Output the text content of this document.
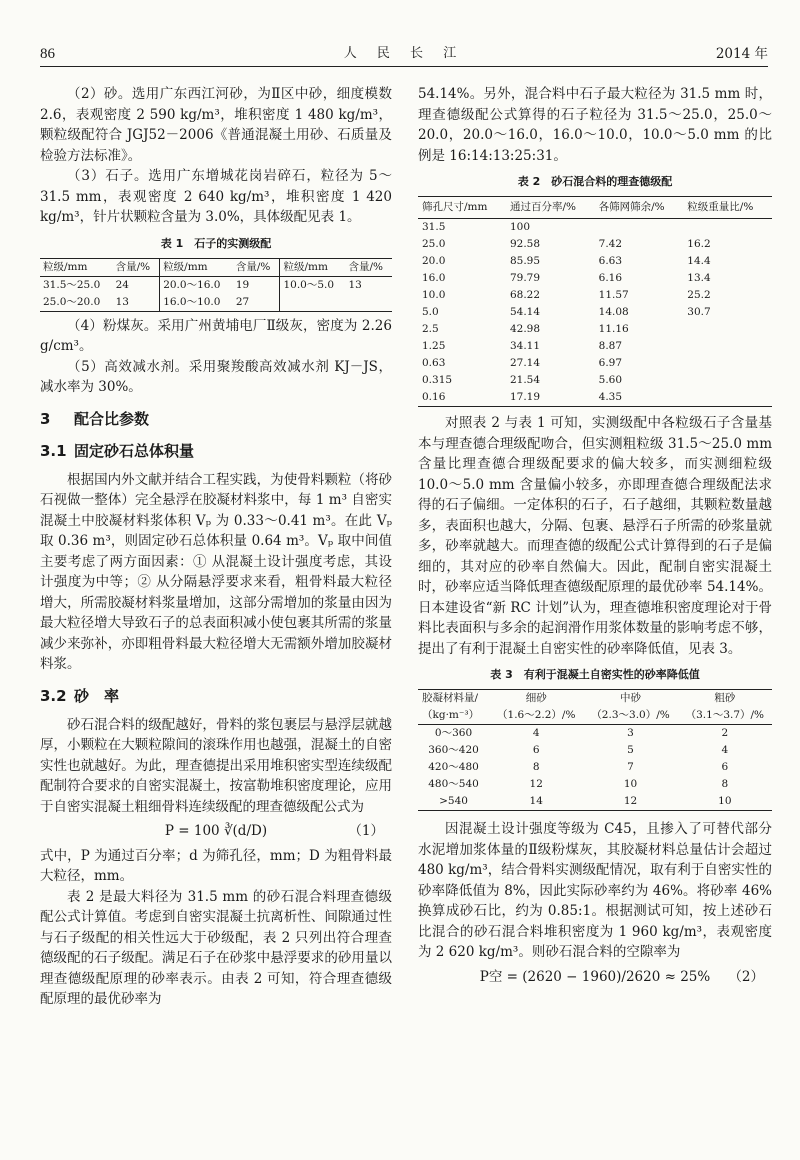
86	人 民 长 江	2014 年

（2）砂。选用广东西江河砂，为Ⅱ区中砂，细度模数 2.6，表观密度 2 590 kg/m³，堆积密度 1 480 kg/m³，颗粒级配符合 JGJ52－2006《普通混凝土用砂、石质量及检验方法标准》。

（3）石子。选用广东增城花岗岩碎石，粒径为 5～31.5 mm，表观密度 2 640 kg/m³，堆积密度 1 420 kg/m³，针片状颗粒含量为 3.0%，具体级配见表 1。

表 1　石子的实测级配
粒级/mm	含量/%	粒级/mm	含量/%	粒级/mm	含量/%
31.5～25.0	24	20.0～16.0	19	10.0～5.0	13
25.0～20.0	13	16.0～10.0	27		

（4）粉煤灰。采用广州黄埔电厂Ⅱ级灰，密度为 2.26 g/cm³。

（5）高效减水剂。采用聚羧酸高效减水剂 KJ－JS，减水率为 30%。

3 配合比参数
3.1 固定砂石总体积量

根据国内外文献并结合工程实践，为使骨料颗粒（将砂石视做一整体）完全悬浮在胶凝材料浆中，每 1 m³ 自密实混凝土中胶凝材料浆体积 Vₚ 为 0.33～0.41 m³。在此 Vₚ 取 0.36 m³，则固定砂石总体积量 0.64 m³。Vₚ 取中间值主要考虑了两方面因素：① 从混凝土设计强度考虑，其设计强度为中等；② 从分隔悬浮要求来看，粗骨料最大粒径增大，所需胶凝材料浆量增加，这部分需增加的浆量由因为最大粒径增大导致石子的总表面积减小使包裹其所需的浆量减少来弥补，亦即粗骨料最大粒径增大无需额外增加胶凝材料浆。

3.2 砂　率

砂石混合料的级配越好，骨料的浆包裹层与悬浮层就越厚，小颗粒在大颗粒隙间的滚珠作用也越强，混凝土的自密实性也就越好。为此，理查德提出采用堆积密实型连续级配配制符合要求的自密实混凝土，按富勒堆积密度理论，应用于自密实混凝土粗细骨料连续级配的理查德级配公式为

P = 100 ∛(d/D)	（1）

式中，P 为通过百分率；d 为筛孔径，mm；D 为粗骨料最大粒径，mm。

表 2 是最大料径为 31.5 mm 的砂石混合料理查德级配公式计算值。考虑到自密实混凝土抗离析性、间隙通过性与石子级配的相关性远大于砂级配，表 2 只列出符合理查德级配的石子级配。满足石子在砂浆中悬浮要求的砂用量以理查德级配原理的砂率表示。由表 2 可知，符合理查德级配原理的最优砂率为

54.14%。另外，混合料中石子最大粒径为 31.5 mm 时，理查德级配公式算得的石子粒径为 31.5～25.0，25.0～20.0，20.0～16.0，16.0～10.0，10.0～5.0 mm 的比例是 16:14:13:25:31。

表 2　砂石混合料的理查德级配
筛孔尺寸/mm	通过百分率/%	各筛网筛余/%	粒级重量比/%
31.5	100		
25.0	92.58	7.42	16.2
20.0	85.95	6.63	14.4
16.0	79.79	6.16	13.4
10.0	68.22	11.57	25.2
5.0	54.14	14.08	30.7
2.5	42.98	11.16	
1.25	34.11	8.87	
0.63	27.14	6.97	
0.315	21.54	5.60	
0.16	17.19	4.35	

对照表 2 与表 1 可知，实测级配中各粒级石子含量基本与理查德合理级配吻合，但实测粗粒级 31.5～25.0 mm 含量比理查德合理级配要求的偏大较多，而实测细粒级 10.0～5.0 mm 含量偏小较多，亦即理查德合理级配法求得的石子偏细。一定体积的石子，石子越细，其颗粒数量越多，表面积也越大，分隔、包裹、悬浮石子所需的砂浆量就多，砂率就越大。而理查德的级配公式计算得到的石子是偏细的，其对应的砂率自然偏大。因此，配制自密实混凝土时，砂率应适当降低理查德级配原理的最优砂率 54.14%。日本建设省“新 RC 计划”认为，理查德堆积密度理论对于骨料比表面积与多余的起润滑作用浆体数量的影响考虑不够，提出了有利于混凝土自密实性的砂率降低值，见表 3。

表 3　有利于混凝土自密实性的砂率降低值
胶凝材料量/	细砂	中砂	粗砂
（kg·m⁻³）	（1.6～2.2）/%	（2.3～3.0）/%	（3.1～3.7）/%
0～360	4	3	2
360～420	6	5	4
420～480	8	7	6
480～540	12	10	8
>540	14	12	10

因混凝土设计强度等级为 C45，且掺入了可替代部分水泥增加浆体量的Ⅱ级粉煤灰，其胶凝材料总量估计会超过 480 kg/m³，结合骨料实测级配情况，取有利于自密实性的砂率降低值为 8%，因此实际砂率约为 46%。将砂率 46% 换算成砂石比，约为 0.85:1。根据测试可知，按上述砂石比混合的砂石混合料堆积密度为 1 960 kg/m³，表观密度为 2 620 kg/m³。则砂石混合料的空隙率为

P空 = (2620 − 1960)/2620 ≈ 25% （2）
